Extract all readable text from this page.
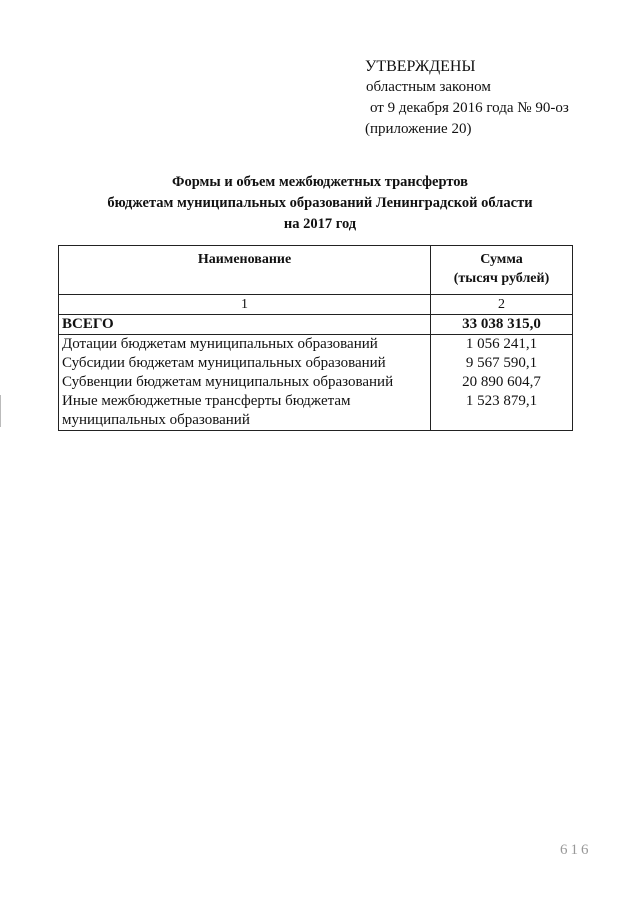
УТВЕРЖДЕНЫ
областным законом
от 9 декабря 2016 года № 90-оз
(приложение 20)
Формы и объем межбюджетных трансфертов
бюджетам муниципальных образований Ленинградской области
на 2017 год
Наименование	Сумма
(тысяч рублей)
1	2
ВСЕГО	33 038 315,0
Дотации бюджетам муниципальных образований	1 056 241,1
Субсидии бюджетам муниципальных образований	9 567 590,1
Субвенции бюджетам муниципальных образований	20 890 604,7
Иные межбюджетные трансферты бюджетам муниципальных образований	1 523 879,1
616
